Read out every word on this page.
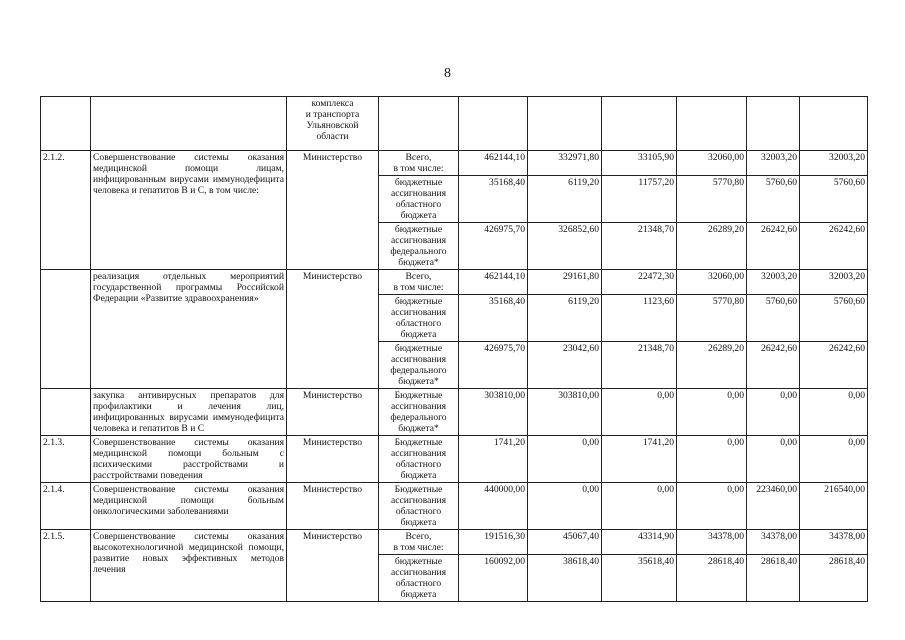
8
		комплекса
и транспорта
Ульяновской
области							
2.1.2.	Совершенствование системы оказания медицинской помощи лицам, инфицированным вирусами иммунодефицита человека и гепатитов В и С, в том числе:	Министерство	Всего,
в том числе:	462144,10	332971,80	33105,90	32060,00	32003,20	32003,20
			бюджетные
ассигнования
областного
бюджета	35168,40	6119,20	11757,20	5770,80	5760,60	5760,60
			бюджетные
ассигнования
федерального
бюджета*	426975,70	326852,60	21348,70	26289,20	26242,60	26242,60
	реализация отдельных мероприятий государственной программы Российской Федерации «Развитие здравоохранения»	Министерство	Всего,
в том числе:	462144,10	29161,80	22472,30	32060,00	32003,20	32003,20
			бюджетные
ассигнования
областного
бюджета	35168,40	6119,20	1123,60	5770,80	5760,60	5760,60
			бюджетные
ассигнования
федерального
бюджета*	426975,70	23042,60	21348,70	26289,20	26242,60	26242,60
	закупка антивирусных препаратов для профилактики и лечения лиц, инфицированных вирусами иммунодефицита человека и гепатитов В и С	Министерство	Бюджетные
ассигнования
федерального
бюджета*	303810,00	303810,00	0,00	0,00	0,00	0,00
2.1.3.	Совершенствование системы оказания медицинской помощи больным с психическими расстройствами и расстройствами поведения	Министерство	Бюджетные
ассигнования
областного
бюджета	1741,20	0,00	1741,20	0,00	0,00	0,00
2.1.4.	Совершенствование системы оказания медицинской помощи больным онкологическими заболеваниями	Министерство	Бюджетные
ассигнования
областного
бюджета	440000,00	0,00	0,00	0,00	223460,00	216540,00
2.1.5.	Совершенствование системы оказания высокотехнологичной медицинской помощи, развитие новых эффективных методов лечения	Министерство	Всего,
в том числе:	191516,30	45067,40	43314,90	34378,00	34378,00	34378,00
			бюджетные
ассигнования
областного
бюджета	160092,00	38618,40	35618,40	28618,40	28618,40	28618,40
